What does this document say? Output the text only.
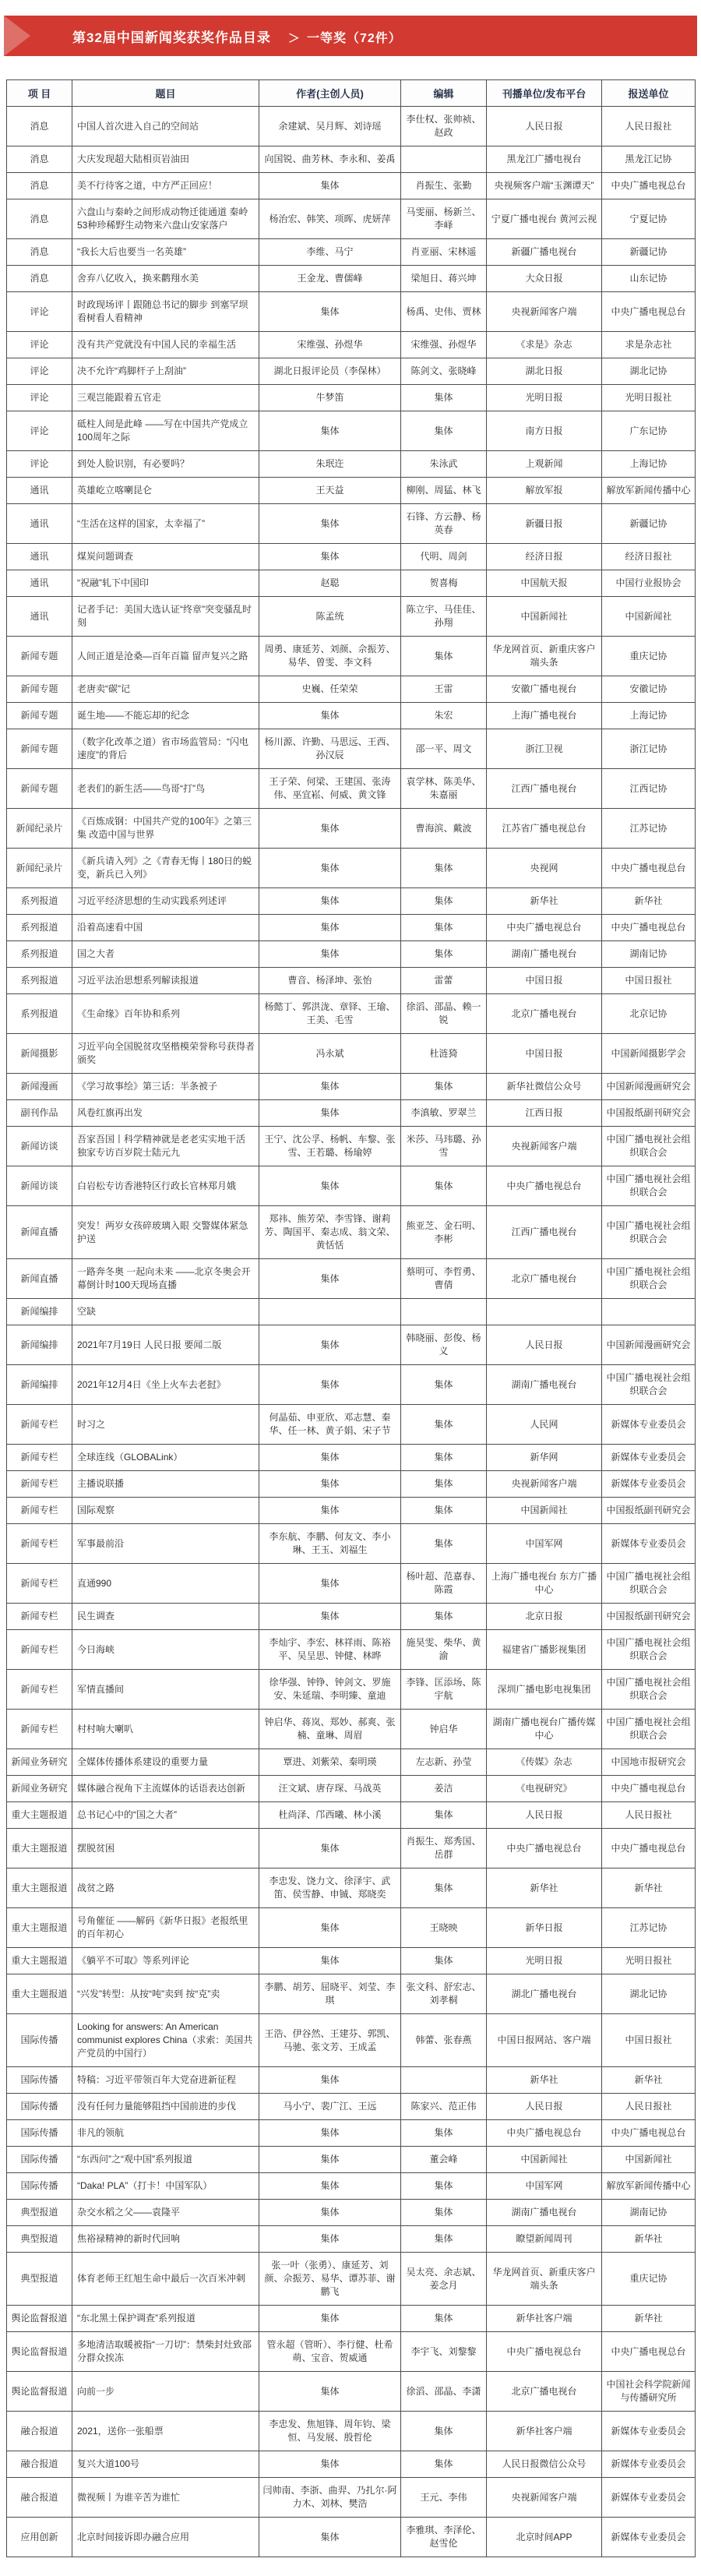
第32届中国新闻奖获奖作品目录 ＞ 一等奖（72件）
项 目	题目	作者(主创人员)	编辑	刊播单位/发布平台	报送单位
消息	中国人首次进入自己的空间站	余建斌、吴月辉、刘诗瑶	李仕权、张帅祯、赵政	人民日报	人民日报社
消息	大庆发现超大陆相页岩油田	向国锐、曲芳林、李永和、姜禹		黑龙江广播电视台	黑龙江记协
消息	美不行待客之道，中方严正回应！	集体	肖振生、张勤	央视频客户端“玉渊谭天”	中央广播电视总台
消息	六盘山与秦岭之间形成动物迁徙通道 秦岭53种珍稀野生动物来六盘山安家落户	杨治宏、韩笑、项晖、虎妍萍	马雯丽、杨新兰、李峄	宁夏广播电视台 黄河云视	宁夏记协
消息	“我长大后也要当一名英雄”	李维、马宁	肖亚丽、宋林遥	新疆广播电视台	新疆记协
消息	舍弃八亿收入，换来鹳翔水美	王金龙、曹儒峰	梁旭日、蒋兴坤	大众日报	山东记协
评论	时政现场评丨跟随总书记的脚步 到塞罕坝看树看人看精神	集体	杨禹、史伟、贾林	央视新闻客户端	中央广播电视总台
评论	没有共产党就没有中国人民的幸福生活	宋维强、孙煜华	宋维强、孙煜华	《求是》杂志	求是杂志社
评论	决不允许“鸡脚杆子上刮油”	湖北日报评论员（李保林）	陈剑文、张晓峰	湖北日报	湖北记协
评论	三观岂能跟着五官走	牛梦笛	集体	光明日报	光明日报社
评论	砥柱人间是此峰 ——写在中国共产党成立100周年之际	集体	集体	南方日报	广东记协
评论	到处人脸识别，有必要吗？	朱珉迕	朱泳武	上观新闻	上海记协
通讯	英雄屹立喀喇昆仑	王天益	柳刚、周猛、林飞	解放军报	解放军新闻传播中心
通讯	“生活在这样的国家，太幸福了”	集体	石锋、方云静、杨英春	新疆日报	新疆记协
通讯	煤炭问题调查	集体	代明、周剑	经济日报	经济日报社
通讯	“祝融”轧下中国印	赵聪	贺喜梅	中国航天报	中国行业报协会
通讯	记者手记：美国大选认证“终章”突变骚乱时刻	陈孟统	陈立宇、马佳佳、孙翔	中国新闻社	中国新闻社
新闻专题	人间正道是沧桑—百年百篇 留声复兴之路	周勇、康延芳、刘颜、佘振芳、易华、曾雯、李文科	集体	华龙网首页、新重庆客户端头条	重庆记协
新闻专题	老唐卖“碳”记	史巍、任荣荣	王雷	安徽广播电视台	安徽记协
新闻专题	诞生地——不能忘却的纪念	集体	朱宏	上海广播电视台	上海记协
新闻专题	（数字化改革之道）省市场监管局：“闪电速度”的背后	杨川源、许勤、马思远、王西、孙汉辰	邵一平、周文	浙江卫视	浙江记协
新闻专题	老表们的新生活——鸟哥“打”鸟	王子荣、何梁、王建国、张涛伟、巫宜崧、何威、黄文锋	袁学林、陈美华、朱嘉丽	江西广播电视台	江西记协
新闻纪录片	《百炼成钢：中国共产党的100年》之第三集 改造中国与世界	集体	曹海滨、戴波	江苏省广播电视总台	江苏记协
新闻纪录片	《新兵请入列》之《青春无悔丨180日的蜕变，新兵已入列》	集体	集体	央视网	中央广播电视总台
系列报道	习近平经济思想的生动实践系列述评	集体	集体	新华社	新华社
系列报道	沿着高速看中国	集体	集体	中央广播电视总台	中央广播电视总台
系列报道	国之大者	集体	集体	湖南广播电视台	湖南记协
系列报道	习近平法治思想系列解读报道	曹音、杨泽坤、张怡	雷蕾	中国日报	中国日报社
系列报道	《生命缘》百年协和系列	杨懿丁、郭洪泷、章铎、王瑜、王美、毛雪	徐滔、邵晶、赖一锐	北京广播电视台	北京记协
新闻摄影	习近平向全国脱贫攻坚楷模荣誉称号获得者颁奖	冯永斌	杜涟猗	中国日报	中国新闻摄影学会
新闻漫画	《学习故事绘》第三话：半条被子	集体	集体	新华社微信公众号	中国新闻漫画研究会
副刊作品	风卷红旗再出发	集体	李滇敏、罗翠兰	江西日报	中国报纸副刊研究会
新闻访谈	吾家吾国丨科学精神就是老老实实地干活 独家专访百岁院士陆元九	王宁、沈公孚、杨帆、车黎、张雪、王若璐、杨瑜婷	米莎、马玮璐、孙雪	央视新闻客户端	中国广播电视社会组织联合会
新闻访谈	白岩松专访香港特区行政长官林郑月娥	集体	集体	中央广播电视总台	中国广播电视社会组织联合会
新闻直播	突发！两岁女孩碎玻璃入眼 交警媒体紧急护送	郑祎、熊芳荣、李雪锋、谢莉芳、陶国平、秦志成、翁文荣、黄恬恬	熊亚芝、金石明、李彬	江西广播电视台	中国广播电视社会组织联合会
新闻直播	一路奔冬奥 一起向未来 ——北京冬奥会开幕倒计时100天现场直播	集体	蔡明可、李哲勇、曹倩	北京广播电视台	中国广播电视社会组织联合会
新闻编排	空缺				
新闻编排	2021年7月19日 人民日报 要闻二版	集体	韩晓丽、彭俊、杨义	人民日报	中国新闻漫画研究会
新闻编排	2021年12月4日《坐上火车去老挝》	集体	集体	湖南广播电视台	中国广播电视社会组织联合会
新闻专栏	时习之	何晶茹、申亚欣、邓志慧、秦华、任一林、黄子娟、宋子节	集体	人民网	新媒体专业委员会
新闻专栏	全球连线（GLOBALink）	集体	集体	新华网	新媒体专业委员会
新闻专栏	主播说联播	集体	集体	央视新闻客户端	新媒体专业委员会
新闻专栏	国际观察	集体	集体	中国新闻社	中国报纸副刊研究会
新闻专栏	军事最前沿	李东航、李鹏、何友文、李小琳、王玉、刘福生	集体	中国军网	新媒体专业委员会
新闻专栏	直通990	集体	杨叶超、范嘉春、陈霞	上海广播电视台 东方广播中心	中国广播电视社会组织联合会
新闻专栏	民生调查	集体	集体	北京日报	中国报纸副刊研究会
新闻专栏	今日海峡	李灿宇、李宏、林祥雨、陈裕平、吴呈思、钟健、林晔	施昊雯、柴华、黄渝	福建省广播影视集团	中国广播电视社会组织联合会
新闻专栏	军情直播间	徐华强、钟铮、钟剑文、罗施安、朱延瑞、李明臻、童迪	李锋、匡添场、陈宇航	深圳广播电影电视集团	中国广播电视社会组织联合会
新闻专栏	村村响大喇叭	钟启华、蒋岚、郑妙、郝爽、张楠、童琳、周眉	钟启华	湖南广播电视台广播传媒中心	中国广播电视社会组织联合会
新闻业务研究	全媒体传播体系建设的重要力量	覃进、刘紫荣、秦明瑛	左志新、孙莹	《传媒》杂志	中国地市报研究会
新闻业务研究	媒体融合视角下主流媒体的话语表达创新	汪文斌、唐存琛、马战英	姜洁	《电视研究》	中央广播电视总台
重大主题报道	总书记心中的“国之大者”	杜尚泽、邝西曦、林小溪	集体	人民日报	人民日报社
重大主题报道	摆脱贫困	集体	肖振生、郑秀国、岳群	中央广播电视总台	中央广播电视总台
重大主题报道	战贫之路	李忠发、饶力文、徐泽宇、武笛、侯雪静、申铖、郑晓奕	集体	新华社	新华社
重大主题报道	号角催征 ——解码《新华日报》老报纸里的百年初心	集体	王晓映	新华日报	江苏记协
重大主题报道	《躺平不可取》等系列评论	集体	集体	光明日报	光明日报社
重大主题报道	“兴发”转型：从按“吨”卖到 按“克”卖	李鹏、胡芳、屈晓平、刘莹、李琪	张文科、舒宏志、刘孝桐	湖北广播电视台	湖北记协
国际传播	Looking for answers: An American communist explores China（求索：美国共产党员的中国行）	王浩、伊谷然、王建芬、郭凯、马驰、张文芳、王成孟	韩蕾、张春燕	中国日报网站、客户端	中国日报社
国际传播	特稿：习近平带领百年大党奋进新征程	集体		新华社	新华社
国际传播	没有任何力量能够阻挡中国前进的步伐	马小宁、裴广江、王远	陈家兴、范正伟	人民日报	人民日报社
国际传播	非凡的领航	集体	集体	中央广播电视总台	中央广播电视总台
国际传播	“东西问”之“观中国”系列报道	集体	董会峰	中国新闻社	中国新闻社
国际传播	“Daka! PLA”（打卡！中国军队）	集体	集体	中国军网	解放军新闻传播中心
典型报道	杂交水稻之父——袁隆平	集体	集体	湖南广播电视台	湖南记协
典型报道	焦裕禄精神的新时代回响	集体	集体	瞭望新闻周刊	新华社
典型报道	体育老师王红旭生命中最后一次百米冲刺	张一叶（张勇）、康延芳、刘颜、佘振芳、易华、谭苏菲、谢鹏飞	吴太亮、余志斌、姜念月	华龙网首页、新重庆客户端头条	重庆记协
舆论监督报道	“东北黑土保护调查”系列报道	集体	集体	新华社客户端	新华社
舆论监督报道	多地清洁取暖被指“一刀切”：禁柴封灶致部分群众挨冻	管永超（管昕）、李行健、杜希萌、宝音、贺威通	李宇飞、刘黎黎	中央广播电视总台	中央广播电视总台
舆论监督报道	向前一步	集体	徐滔、邵晶、李潇	北京广播电视台	中国社会科学院新闻与传播研究所
融合报道	2021，送你一张船票	李忠发、焦旭锋、周年钧、梁恒、马发展、殷哲伦	集体	新华社客户端	新媒体专业委员会
融合报道	复兴大道100号	集体	集体	人民日报微信公众号	新媒体专业委员会
融合报道	微视频丨为谁辛苦为谁忙	闫帅南、李浙、曲羿、乃扎尔·阿力木、刘林、樊浩	王元、李伟	央视新闻客户端	新媒体专业委员会
应用创新	北京时间接诉即办融合应用	集体	李雅琪、李泽伦、赵雪伦	北京时间APP	新媒体专业委员会
